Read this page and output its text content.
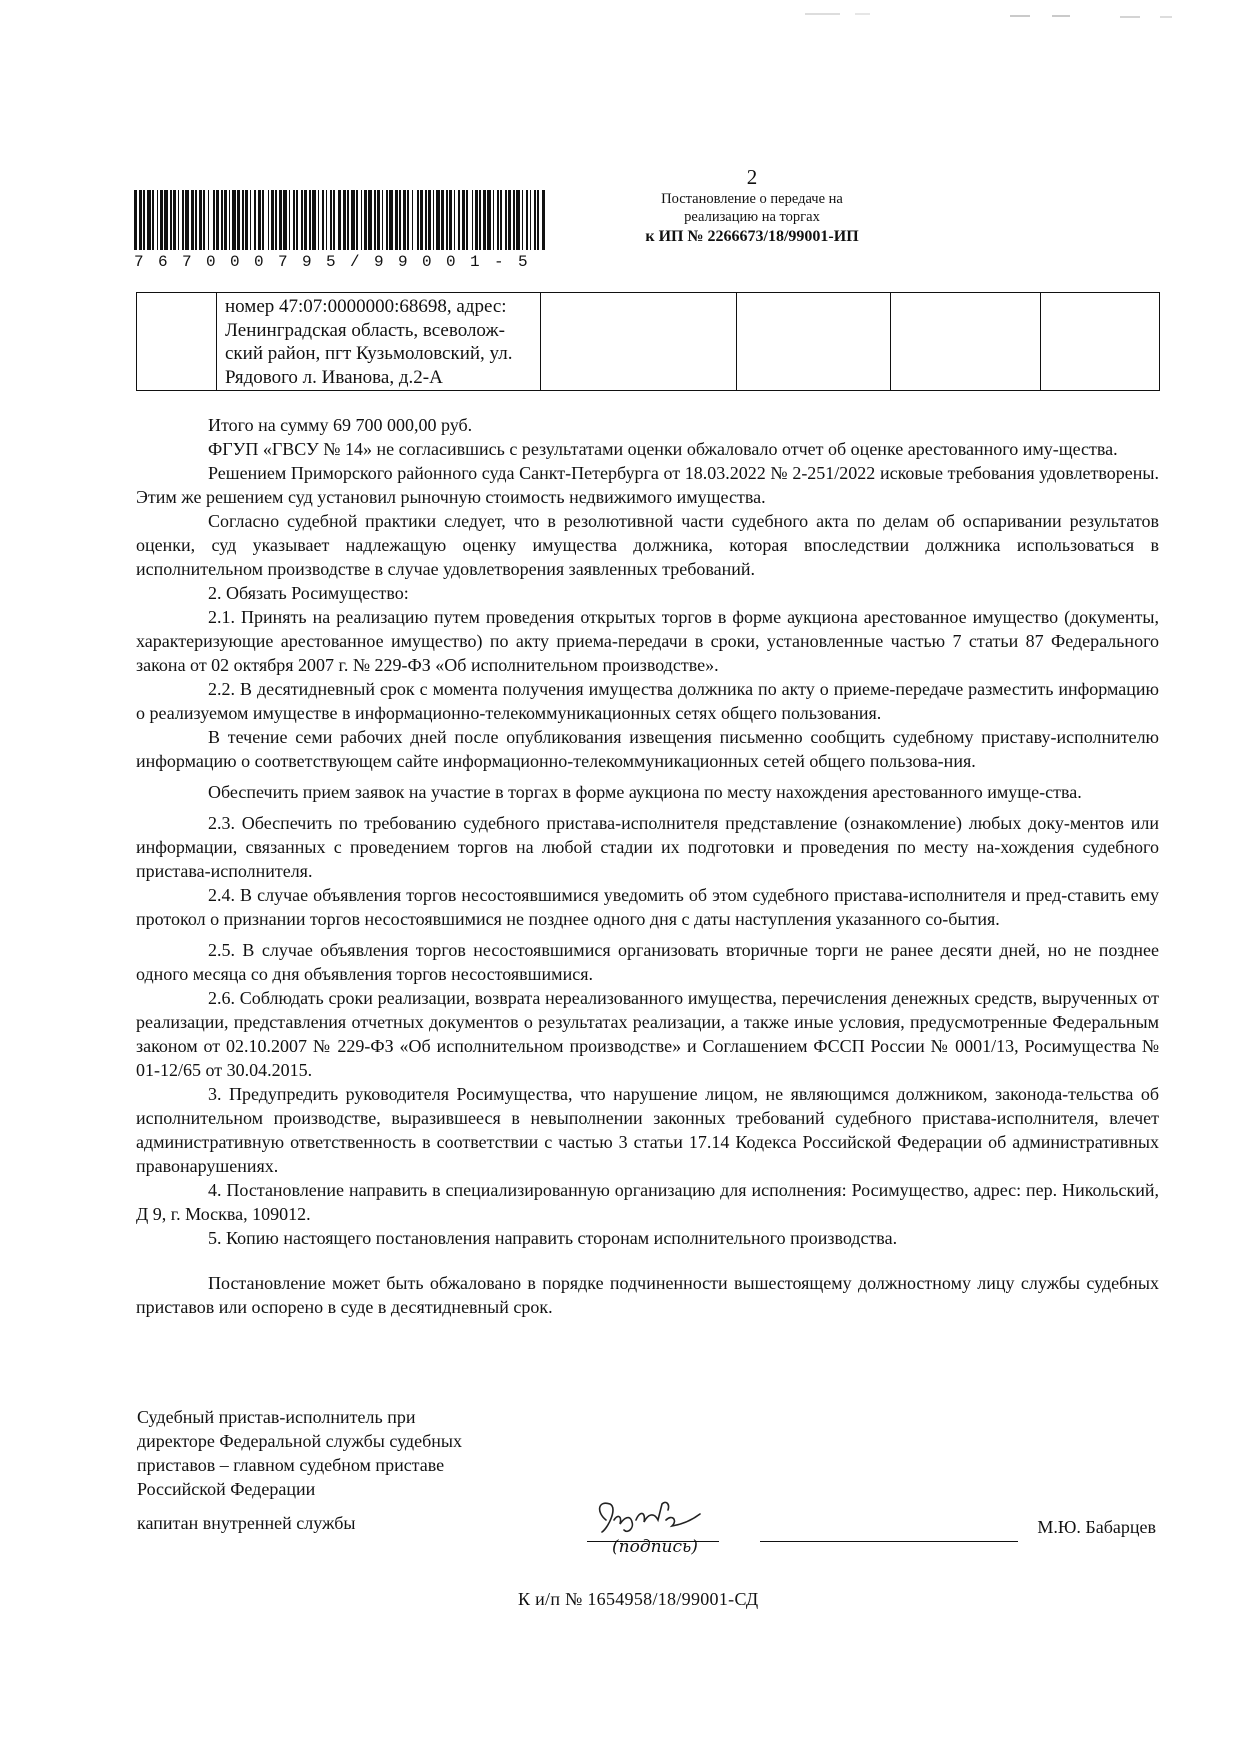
767000795/99001-5
2
Постановление о передаче на
реализацию на торгах
к ИП № 2266673/18/99001-ИП
	номер 47:07:0000000:68698, адрес: Ленинградская область, всеволож-ский район, пгт Кузьмоловский, ул. Рядового л. Иванова, д.2-А				

Итого на сумму 69 700 000,00 руб.

ФГУП «ГВСУ № 14» не согласившись с результатами оценки обжаловало отчет об оценке арестованного иму-щества.

Решением Приморского районного суда Санкт-Петербурга от 18.03.2022 № 2-251/2022 исковые требования удовлетворены. Этим же решением суд установил рыночную стоимость недвижимого имущества.

Согласно судебной практики следует, что в резолютивной части судебного акта по делам об оспаривании результатов оценки, суд указывает надлежащую оценку имущества должника, которая впоследствии должника использоваться в исполнительном производстве в случае удовлетворения заявленных требований.

2. Обязать Росимущество:

2.1. Принять на реализацию путем проведения открытых торгов в форме аукциона арестованное имущество (документы, характеризующие арестованное имущество) по акту приема-передачи в сроки, установленные частью 7 статьи 87 Федерального закона от 02 октября 2007 г. № 229-ФЗ «Об исполнительном производстве».

2.2. В десятидневный срок с момента получения имущества должника по акту о приеме-передаче разместить информацию о реализуемом имуществе в информационно-телекоммуникационных сетях общего пользования.

В течение семи рабочих дней после опубликования извещения письменно сообщить судебному приставу-исполнителю информацию о соответствующем сайте информационно-телекоммуникационных сетей общего пользова-ния.

Обеспечить прием заявок на участие в торгах в форме аукциона по месту нахождения арестованного имуще-ства.

2.3. Обеспечить по требованию судебного пристава-исполнителя представление (ознакомление) любых доку-ментов или информации, связанных с проведением торгов на любой стадии их подготовки и проведения по месту на-хождения судебного пристава-исполнителя.

2.4. В случае объявления торгов несостоявшимися уведомить об этом судебного пристава-исполнителя и пред-ставить ему протокол о признании торгов несостоявшимися не позднее одного дня с даты наступления указанного со-бытия.

2.5. В случае объявления торгов несостоявшимися организовать вторичные торги не ранее десяти дней, но не позднее одного месяца со дня объявления торгов несостоявшимися.

2.6. Соблюдать сроки реализации, возврата нереализованного имущества, перечисления денежных средств, вырученных от реализации, представления отчетных документов о результатах реализации, а также иные условия, предусмотренные Федеральным законом от 02.10.2007 № 229-ФЗ «Об исполнительном производстве» и Соглашением ФССП России № 0001/13, Росимущества № 01-12/65 от 30.04.2015.

3. Предупредить руководителя Росимущества, что нарушение лицом, не являющимся должником, законода-тельства об исполнительном производстве, выразившееся в невыполнении законных требований судебного пристава-исполнителя, влечет административную ответственность в соответствии с частью 3 статьи 17.14 Кодекса Российской Федерации об административных правонарушениях.

4. Постановление направить в специализированную организацию для исполнения: Росимущество, адрес: пер. Никольский, Д 9, г. Москва, 109012.

5. Копию настоящего постановления направить сторонам исполнительного производства.

Постановление может быть обжаловано в порядке подчиненности вышестоящему должностному лицу службы судебных приставов или оспорено в суде в десятидневный срок.

Судебный пристав-исполнитель при
директоре Федеральной службы судебных
приставов – главном судебном приставе
Российской Федерации
капитан внутренней службы
(подпись)
М.Ю. Бабарцев
К и/п № 1654958/18/99001-СД
